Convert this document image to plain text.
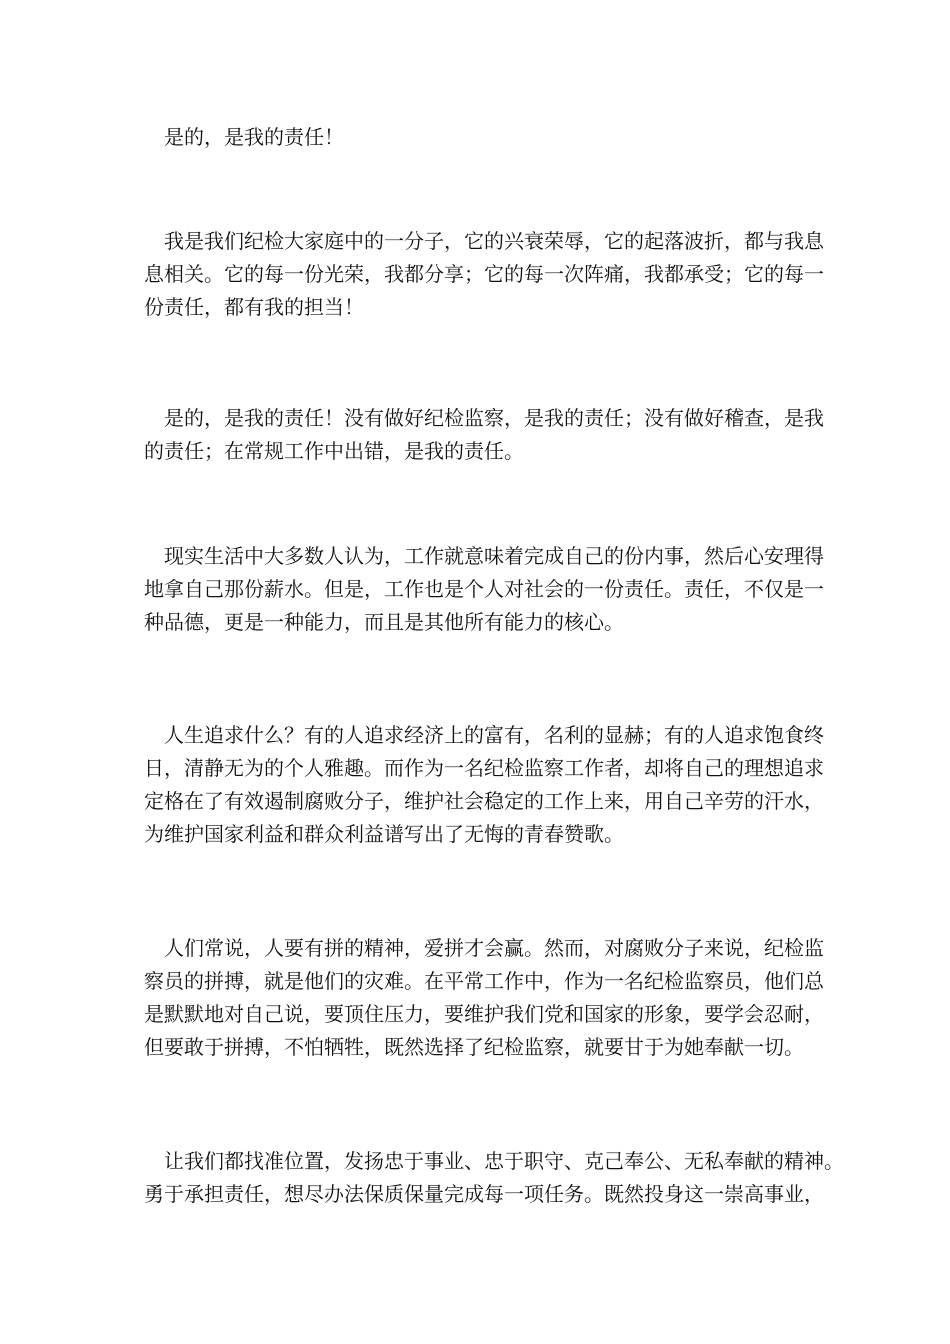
是的，是我的责任！

我是我们纪检大家庭中的一分子，它的兴衰荣辱，它的起落波折，都与我息
息相关。它的每一份光荣，我都分享；它的每一次阵痛，我都承受；它的每一
份责任，都有我的担当！

是的，是我的责任！没有做好纪检监察，是我的责任；没有做好稽查，是我
的责任；在常规工作中出错，是我的责任。

现实生活中大多数人认为，工作就意味着完成自己的份内事，然后心安理得
地拿自己那份薪水。但是，工作也是个人对社会的一份责任。责任，不仅是一
种品德，更是一种能力，而且是其他所有能力的核心。

人生追求什么？有的人追求经济上的富有，名利的显赫；有的人追求饱食终
日，清静无为的个人雅趣。而作为一名纪检监察工作者，却将自己的理想追求
定格在了有效遏制腐败分子，维护社会稳定的工作上来，用自己辛劳的汗水，
为维护国家利益和群众利益谱写出了无悔的青春赞歌。

人们常说，人要有拼的精神，爱拼才会赢。然而，对腐败分子来说，纪检监
察员的拼搏，就是他们的灾难。在平常工作中，作为一名纪检监察员，他们总
是默默地对自己说，要顶住压力，要维护我们党和国家的形象，要学会忍耐，
但要敢于拼搏，不怕牺牲，既然选择了纪检监察，就要甘于为她奉献一切。

让我们都找准位置，发扬忠于事业、忠于职守、克己奉公、无私奉献的精神。
勇于承担责任，想尽办法保质保量完成每一项任务。既然投身这一崇高事业，
